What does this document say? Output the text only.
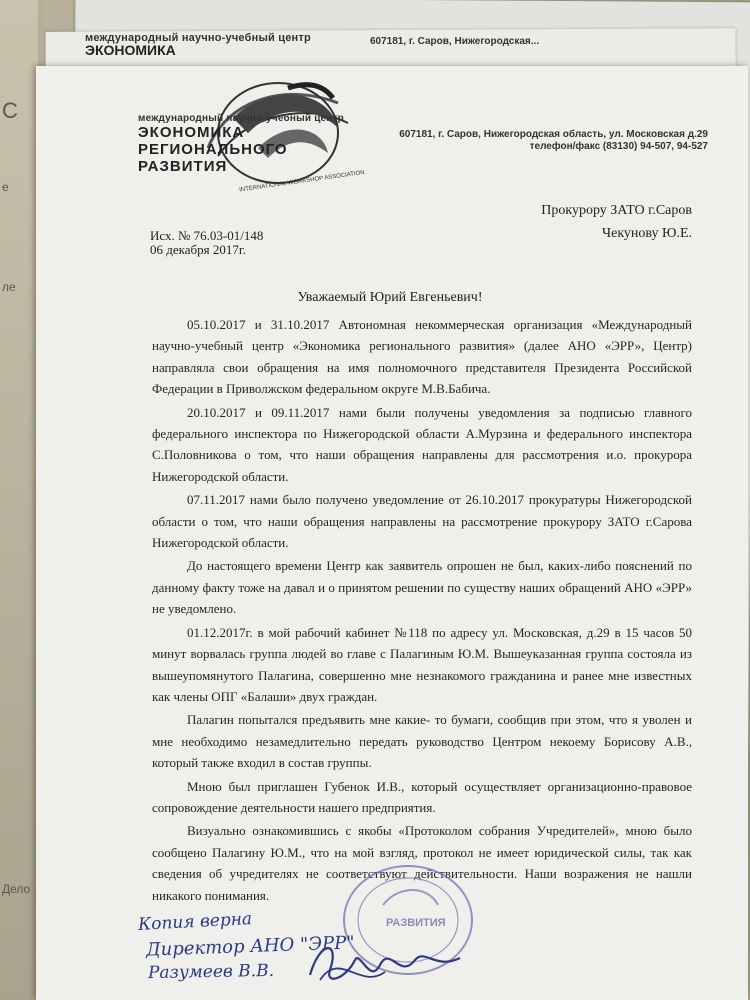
С
е
ле
Дело
международный научно-учебный центр
ЭКОНОМИКА
607181, г. Саров, Нижегородская...
INTERNATIONAL WORKSHOP ASSOCIATION
международный научно-учебный центр
ЭКОНОМИКА
РЕГИОНАЛЬНОГО
РАЗВИТИЯ
607181, г. Саров, Нижегородская область, ул. Московская д.29
телефон/факс (83130) 94-507, 94-527
Прокурору ЗАТО г.Саров
Чекунову Ю.Е.
Исх. № 76.03-01/148
06 декабря 2017г.
Уважаемый Юрий Евгеньевич!

05.10.2017 и 31.10.2017 Автономная некоммерческая организация «Международный научно-учебный центр «Экономика регионального развития» (далее АНО «ЭРР», Центр) направляла свои обращения на имя полномочного представителя Президента Российской Федерации в Приволжском федеральном округе М.В.Бабича.

20.10.2017 и 09.11.2017 нами были получены уведомления за подписью главного федерального инспектора по Нижегородской области А.Мурзина и федерального инспектора С.Половникова о том, что наши обращения направлены для рассмотрения и.о. прокурора Нижегородской области.

07.11.2017 нами было получено уведомление от 26.10.2017 прокуратуры Нижегородской области о том, что наши обращения направлены на рассмотрение прокурору ЗАТО г.Сарова Нижегородской области.

До настоящего времени Центр как заявитель опрошен не был, каких-либо пояснений по данному факту тоже на давал и о принятом решении по существу наших обращений АНО «ЭРР» не уведомлено.

01.12.2017г. в мой рабочий кабинет №118 по адресу ул. Московская, д.29 в 15 часов 50 минут ворвалась группа людей во главе с Палагиным Ю.М. Вышеуказанная группа состояла из вышеупомянутого Палагина, совершенно мне незнакомого гражданина и ранее мне известных как члены ОПГ «Балаши» двух граждан.

Палагин попытался предъявить мне какие- то бумаги, сообщив при этом, что я уволен и мне необходимо незамедлительно передать руководство Центром некоему Борисову А.В., который также входил в состав группы.

Мною был приглашен Губенок И.В., который осуществляет организационно-правовое сопровождение деятельности нашего предприятия.

Визуально ознакомившись с якобы «Протоколом собрания Учредителей», мною было сообщено Палагину Ю.М., что на мой взгляд, протокол не имеет юридической силы, так как сведения об учредителях не соответствуют действительности. Наши возражения не нашли никакого понимания.

РАЗВИТИЯ
Копия верна
Директор АНО "ЭРР"
Разумеев В.В.
